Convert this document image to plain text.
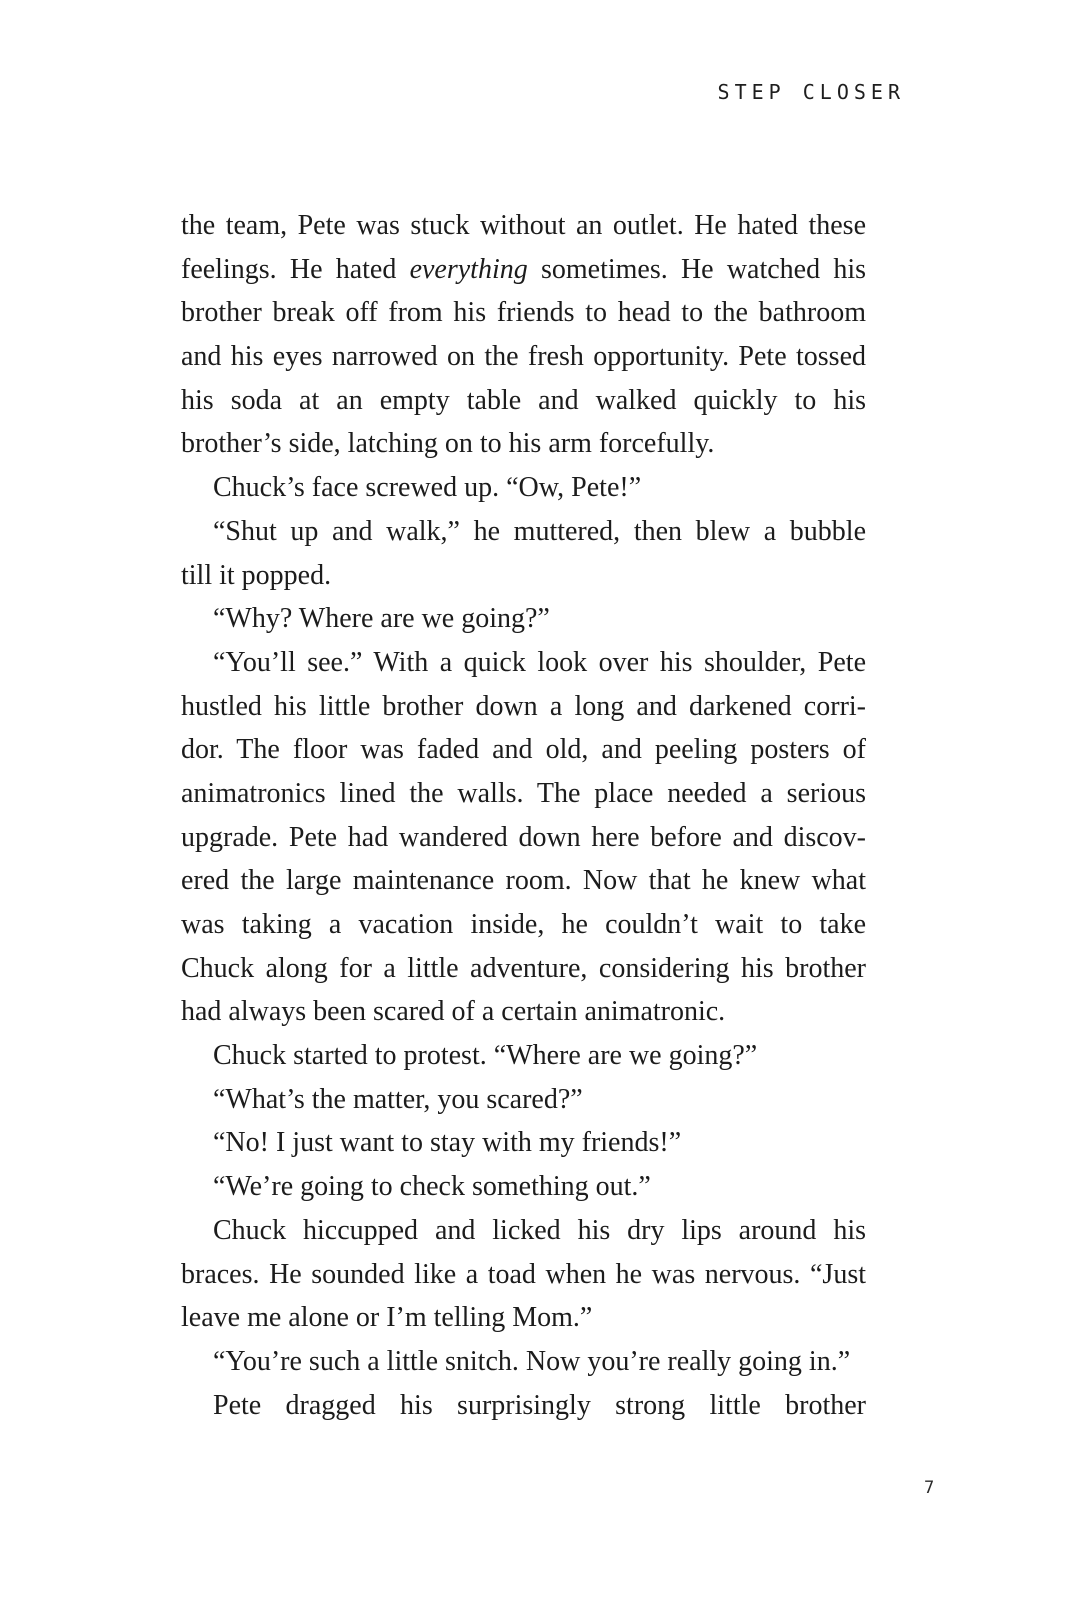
STEP CLOSER
the team, Pete was stuck without an outlet. He hated these
feelings. He hated everything sometimes. He watched his
brother break off from his friends to head to the bathroom
and his eyes narrowed on the fresh opportunity. Pete tossed
his soda at an empty table and walked quickly to his
brother’s side, latching on to his arm forcefully.
Chuck’s face screwed up. “Ow, Pete!”
“Shut up and walk,” he muttered, then blew a bubble
till it popped.
“Why? Where are we going?”
“You’ll see.” With a quick look over his shoulder, Pete
hustled his little brother down a long and darkened corri-
dor. The floor was faded and old, and peeling posters of
animatronics lined the walls. The place needed a serious
upgrade. Pete had wandered down here before and discov-
ered the large maintenance room. Now that he knew what
was taking a vacation inside, he couldn’t wait to take
Chuck along for a little adventure, considering his brother
had always been scared of a certain animatronic.
Chuck started to protest. “Where are we going?”
“What’s the matter, you scared?”
“No! I just want to stay with my friends!”
“We’re going to check something out.”
Chuck hiccupped and licked his dry lips around his
braces. He sounded like a toad when he was nervous. “Just
leave me alone or I’m telling Mom.”
“You’re such a little snitch. Now you’re really going in.”
Pete dragged his surprisingly strong little brother
7
